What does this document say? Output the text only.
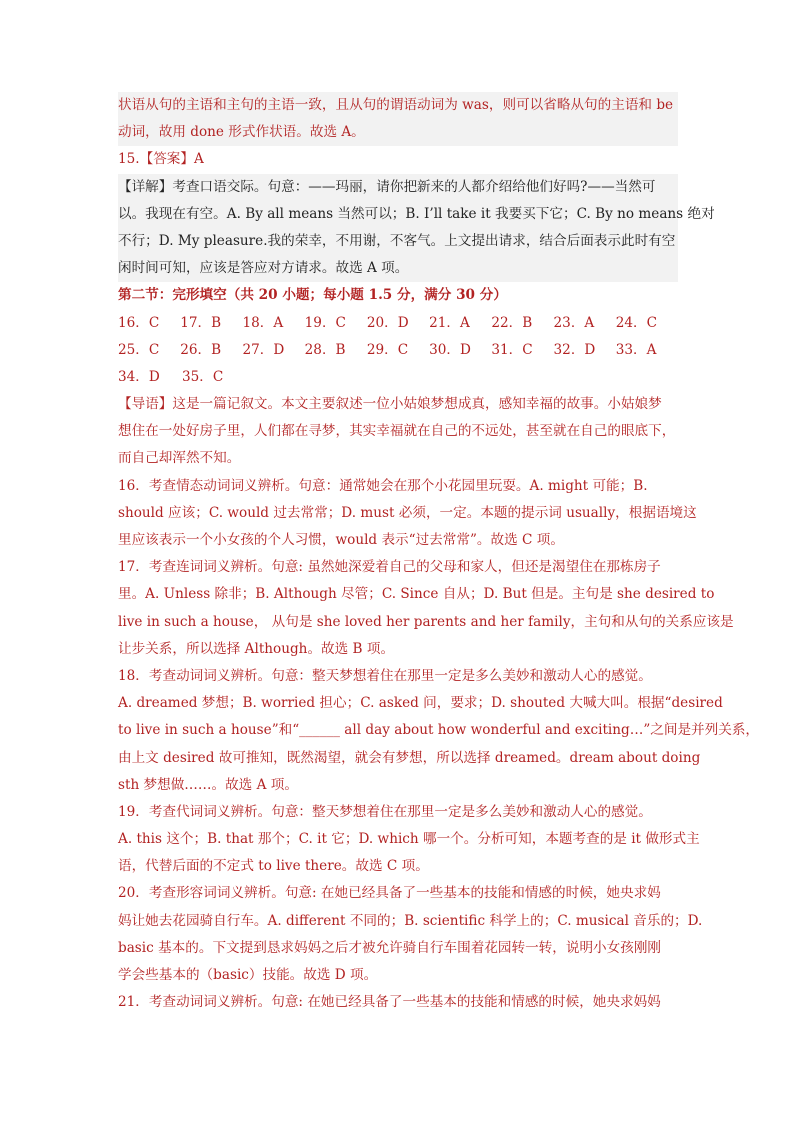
状语从句的主语和主句的主语一致，且从句的谓语动词为 was，则可以省略从句的主语和 be
动词，故用 done 形式作状语。故选 A。
15.【答案】A
【详解】考查口语交际。句意：——玛丽，请你把新来的人都介绍给他们好吗?——当然可
以。我现在有空。A. By all means 当然可以；B. I’ll take it 我要买下它；C. By no means 绝对
不行；D. My pleasure.我的荣幸，不用谢，不客气。上文提出请求，结合后面表示此时有空
闲时间可知，应该是答应对方请求。故选 A 项。
第二节：完形填空（共 20 小题；每小题 1.5 分，满分 30 分）
16．C	17．B	18．A	19．C	20．D	21．A	22．B	23．A	24．C
25．C	26．B	27．D	28．B	29．C	30．D	31．C	32．D	33．A
34．D	35．C
【导语】这是一篇记叙文。本文主要叙述一位小姑娘梦想成真，感知幸福的故事。小姑娘梦
想住在一处好房子里，人们都在寻梦，其实幸福就在自己的不远处，甚至就在自己的眼底下，
而自己却浑然不知。
16．考查情态动词词义辨析。句意：通常她会在那个小花园里玩耍。A. might 可能；B.
should 应该；C. would 过去常常；D. must 必须，一定。本题的提示词 usually，根据语境这
里应该表示一个小女孩的个人习惯，would 表示“过去常常”。故选 C 项。
17．考查连词词义辨析。句意: 虽然她深爱着自己的父母和家人，但还是渴望住在那栋房子
里。A. Unless 除非；B. Although 尽管；C. Since 自从；D. But 但是。主句是 she desired to
live in such a house， 从句是 she loved her parents and her family，主句和从句的关系应该是
让步关系，所以选择 Although。故选 B 项。
18．考查动词词义辨析。句意：整天梦想着住在那里一定是多么美妙和激动人心的感觉。
A. dreamed 梦想；B. worried 担心；C. asked 问，要求；D. shouted 大喊大叫。根据“desired
to live in such a house”和“______ all day about how wonderful and exciting…”之间是并列关系，
由上文 desired 故可推知，既然渴望，就会有梦想，所以选择 dreamed。dream about doing
sth 梦想做……。故选 A 项。
19．考查代词词义辨析。句意：整天梦想着住在那里一定是多么美妙和激动人心的感觉。
A. this 这个；B. that 那个；C. it 它；D. which 哪一个。分析可知，本题考查的是 it 做形式主
语，代替后面的不定式 to live there。故选 C 项。
20．考查形容词词义辨析。句意: 在她已经具备了一些基本的技能和情感的时候，她央求妈
妈让她去花园骑自行车。A. different 不同的；B. scientific 科学上的；C. musical 音乐的；D.
basic 基本的。下文提到恳求妈妈之后才被允许骑自行车围着花园转一转，说明小女孩刚刚
学会些基本的（basic）技能。故选 D 项。
21．考查动词词义辨析。句意: 在她已经具备了一些基本的技能和情感的时候，她央求妈妈
